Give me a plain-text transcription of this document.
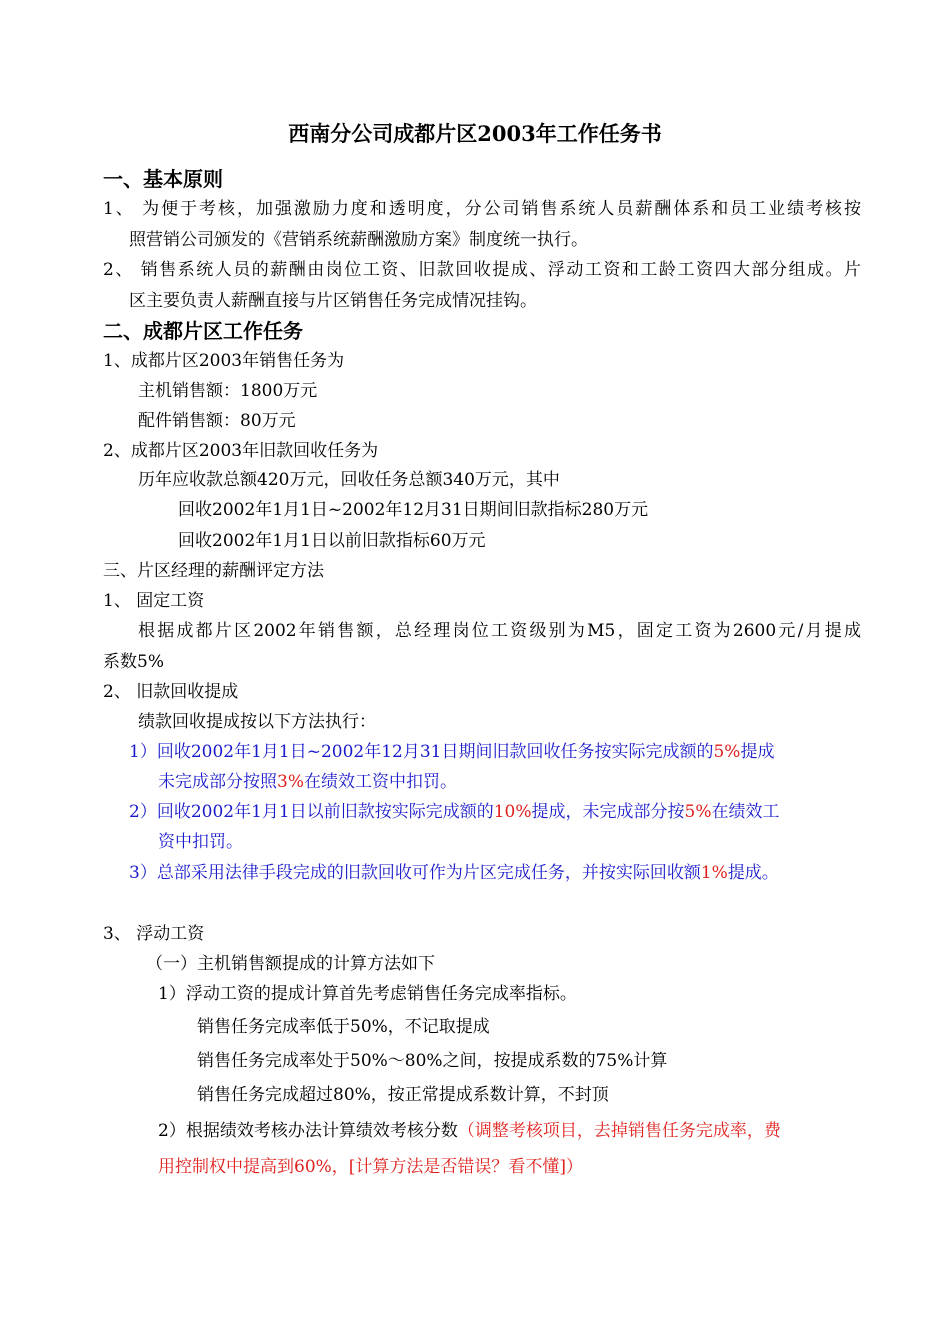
西南分公司成都片区2003年工作任务书
一、基本原则
1、 为便于考核，加强激励力度和透明度，分公司销售系统人员薪酬体系和员工业绩考核按
照营销公司颁发的《营销系统薪酬激励方案》制度统一执行。
2、 销售系统人员的薪酬由岗位工资、旧款回收提成、浮动工资和工龄工资四大部分组成。片
区主要负责人薪酬直接与片区销售任务完成情况挂钩。
二、成都片区工作任务
1、成都片区2003年销售任务为
主机销售额：1800万元
配件销售额：80万元
2、成都片区2003年旧款回收任务为
历年应收款总额420万元，回收任务总额340万元，其中
回收2002年1月1日~2002年12月31日期间旧款指标280万元
回收2002年1月1日以前旧款指标60万元
三、片区经理的薪酬评定方法
1、 固定工资
根据成都片区2002年销售额，总经理岗位工资级别为M5，固定工资为2600元/月提成
系数5%
2、 旧款回收提成
绩款回收提成按以下方法执行：
1）回收2002年1月1日~2002年12月31日期间旧款回收任务按实际完成额的5%提成
未完成部分按照3%在绩效工资中扣罚。
2）回收2002年1月1日以前旧款按实际完成额的10%提成，未完成部分按5%在绩效工
资中扣罚。
3）总部采用法律手段完成的旧款回收可作为片区完成任务，并按实际回收额1%提成。
3、 浮动工资
（一）主机销售额提成的计算方法如下
1）浮动工资的提成计算首先考虑销售任务完成率指标。
销售任务完成率低于50%，不记取提成
销售任务完成率处于50%～80%之间，按提成系数的75%计算
销售任务完成超过80%，按正常提成系数计算，不封顶
2）根据绩效考核办法计算绩效考核分数（调整考核项目，去掉销售任务完成率，费
用控制权中提高到60%，[计算方法是否错误？看不懂]）
